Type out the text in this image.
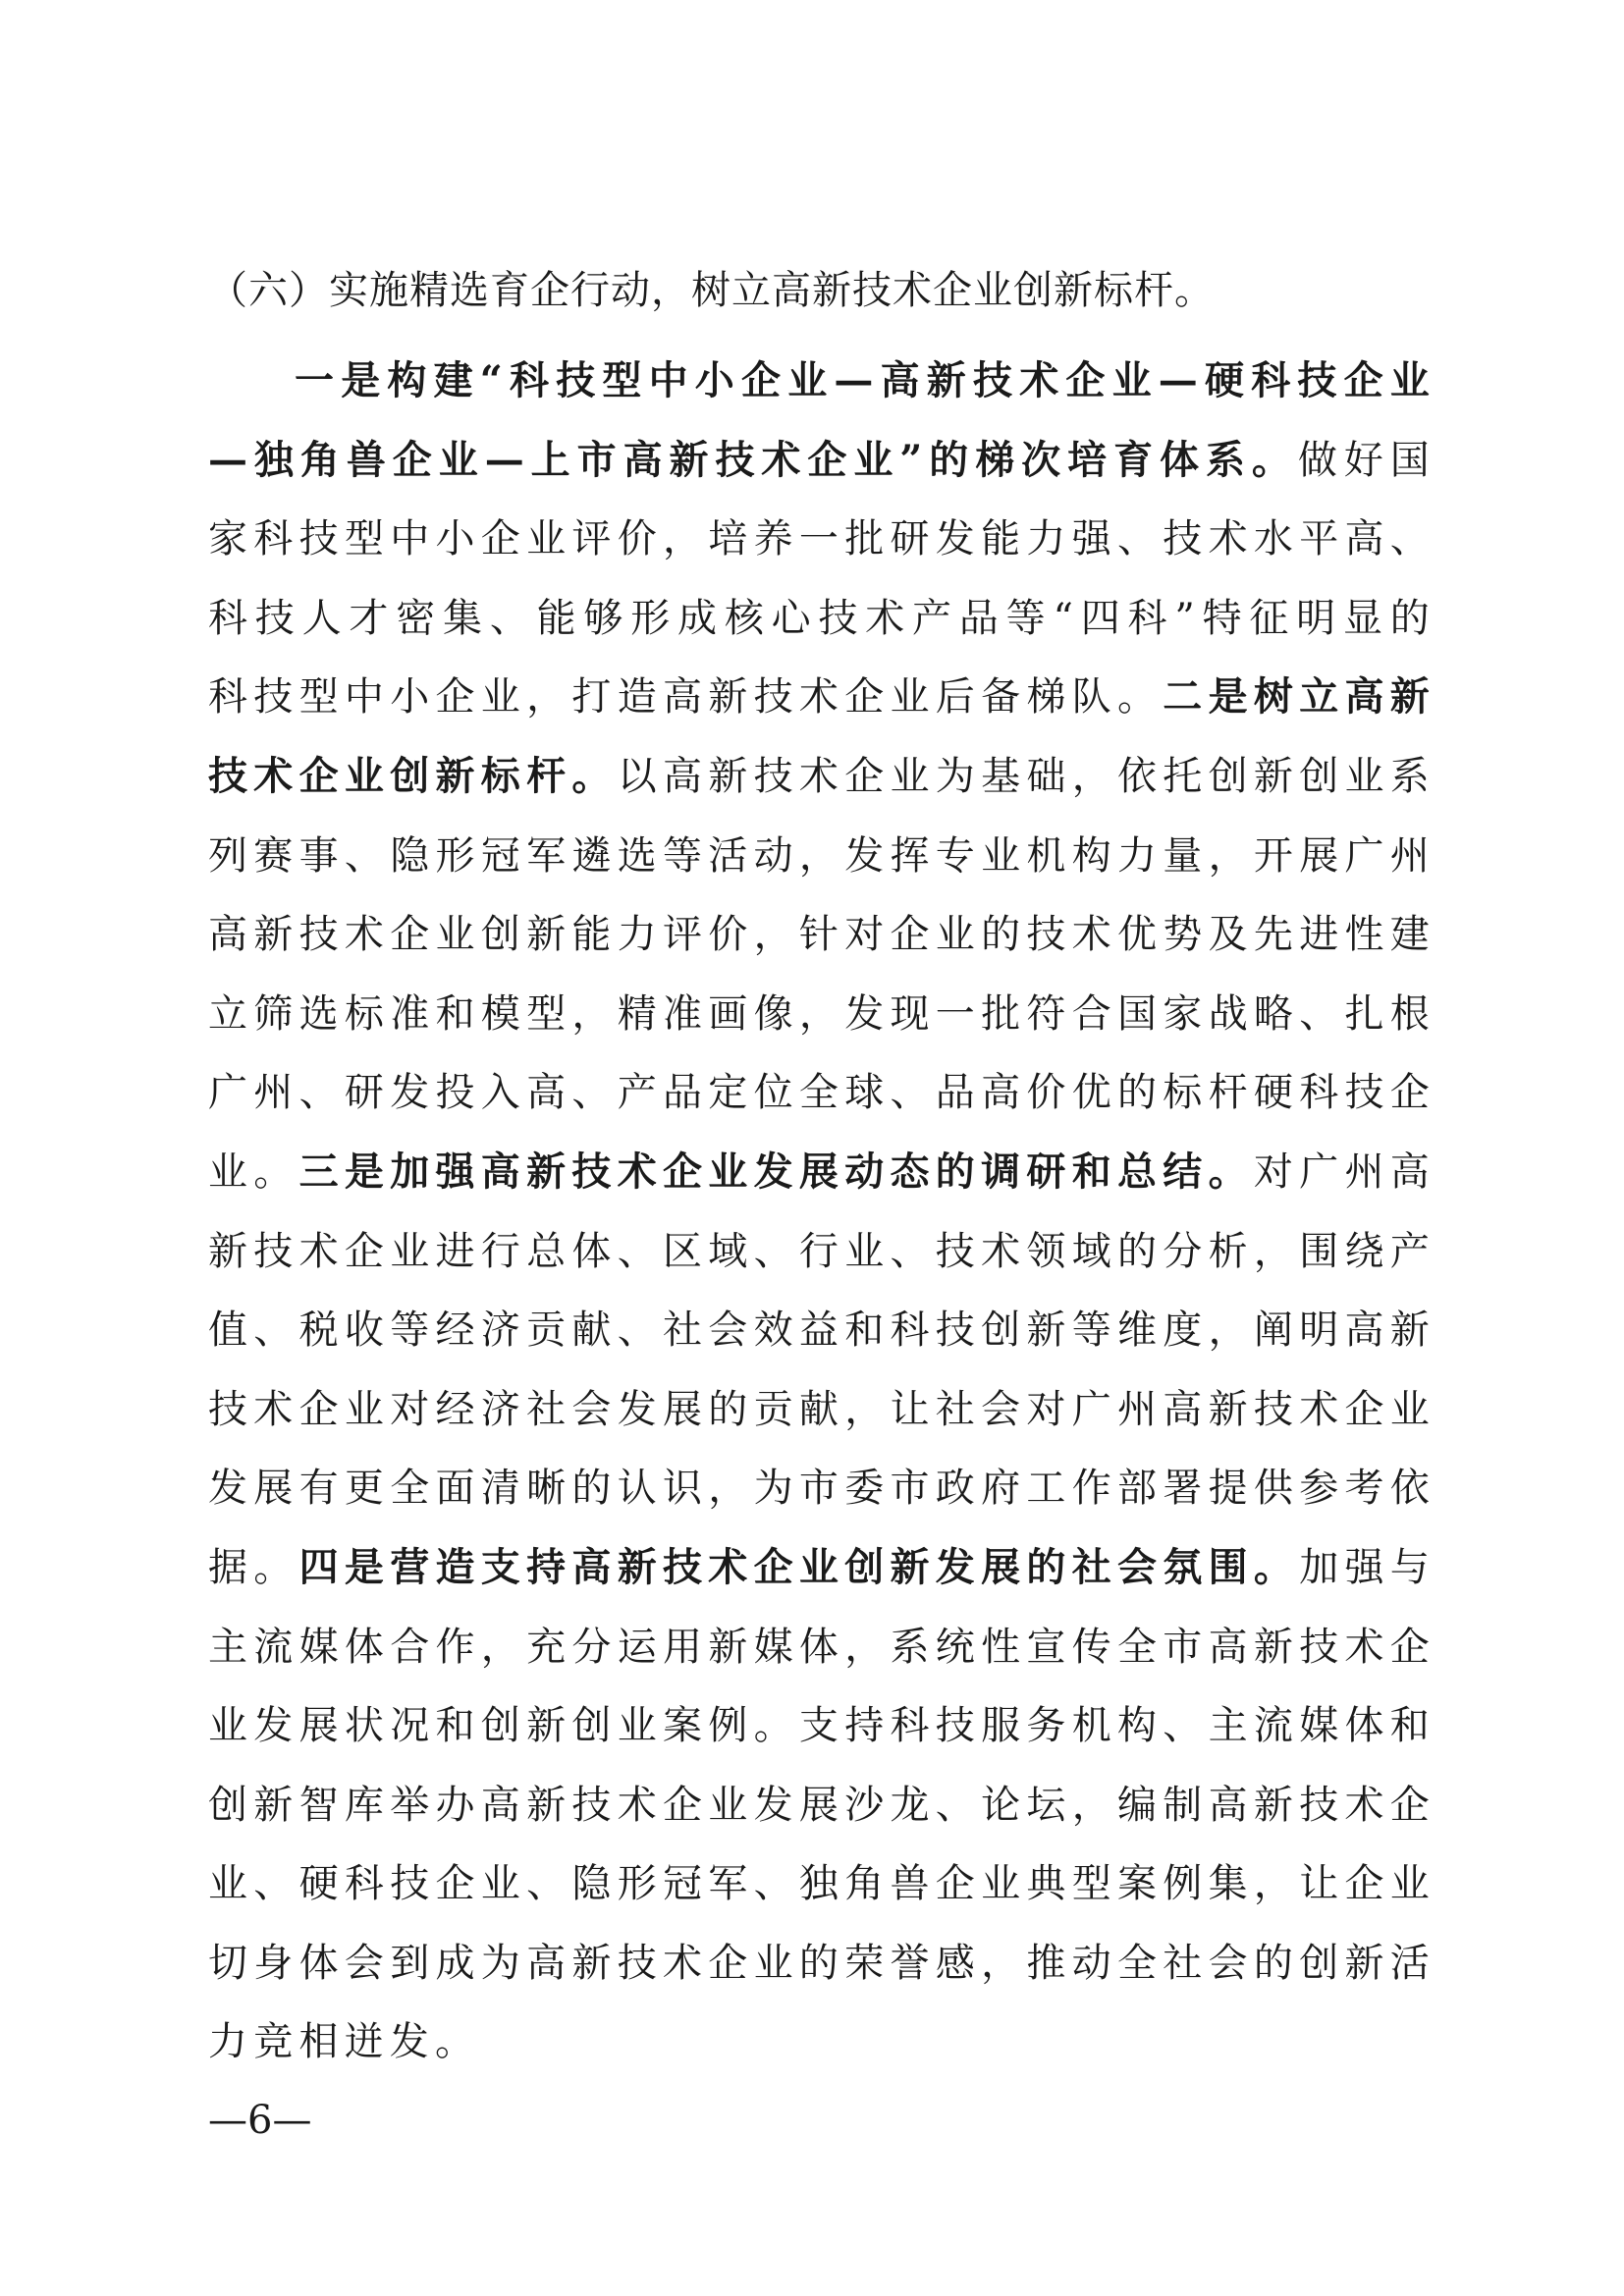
（六）实施精选育企行动，树立高新技术企业创新标杆。

一是构建“科技型中小企业—高新技术企业—硬科技企业—独角兽企业—上市高新技术企业”的梯次培育体系。做好国家科技型中小企业评价，培养一批研发能力强、技术水平高、科技人才密集、能够形成核心技术产品等“四科”特征明显的科技型中小企业，打造高新技术企业后备梯队。二是树立高新技术企业创新标杆。以高新技术企业为基础，依托创新创业系列赛事、隐形冠军遴选等活动，发挥专业机构力量，开展广州高新技术企业创新能力评价，针对企业的技术优势及先进性建立筛选标准和模型，精准画像，发现一批符合国家战略、扎根广州、研发投入高、产品定位全球、品高价优的标杆硬科技企业。三是加强高新技术企业发展动态的调研和总结。对广州高新技术企业进行总体、区域、行业、技术领域的分析，围绕产值、税收等经济贡献、社会效益和科技创新等维度，阐明高新技术企业对经济社会发展的贡献，让社会对广州高新技术企业发展有更全面清晰的认识，为市委市政府工作部署提供参考依据。四是营造支持高新技术企业创新发展的社会氛围。加强与主流媒体合作，充分运用新媒体，系统性宣传全市高新技术企业发展状况和创新创业案例。支持科技服务机构、主流媒体和创新智库举办高新技术企业发展沙龙、论坛，编制高新技术企业、硬科技企业、隐形冠军、独角兽企业典型案例集，让企业切身体会到成为高新技术企业的荣誉感，推动全社会的创新活力竞相迸发。

—6—
